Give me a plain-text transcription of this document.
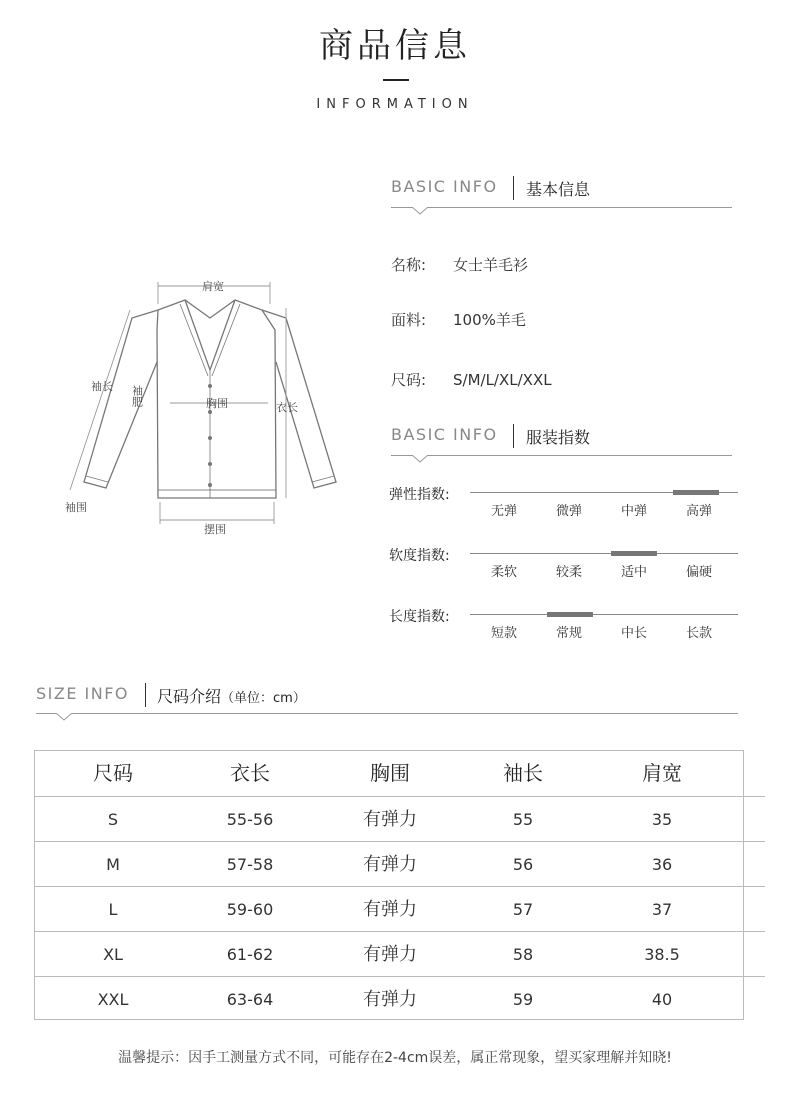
商品信息
INFORMATION
肩宽
袖长 袖肥	胸围	衣长
袖围
摆围
BASIC INFO 基本信息
名称: 女士羊毛衫
面料: 100%羊毛
尺码: S/M/L/XL/XXL
BASIC INFO 服装指数
弹性指数:
无弹	微弹	中弹	高弹
软度指数:
柔软	较柔	适中	偏硬
长度指数:
短款	常规	中长	长款
SIZE INFO 尺码介绍（单位：cm）
尺码	衣长	胸围	袖长	肩宽
S	55-56	有弹力	55	35
M	57-58	有弹力	56	36
L	59-60	有弹力	57	37
XL	61-62	有弹力	58	38.5
XXL	63-64	有弹力	59	40
温馨提示：因手工测量方式不同，可能存在2-4cm误差，属正常现象，望买家理解并知晓!
